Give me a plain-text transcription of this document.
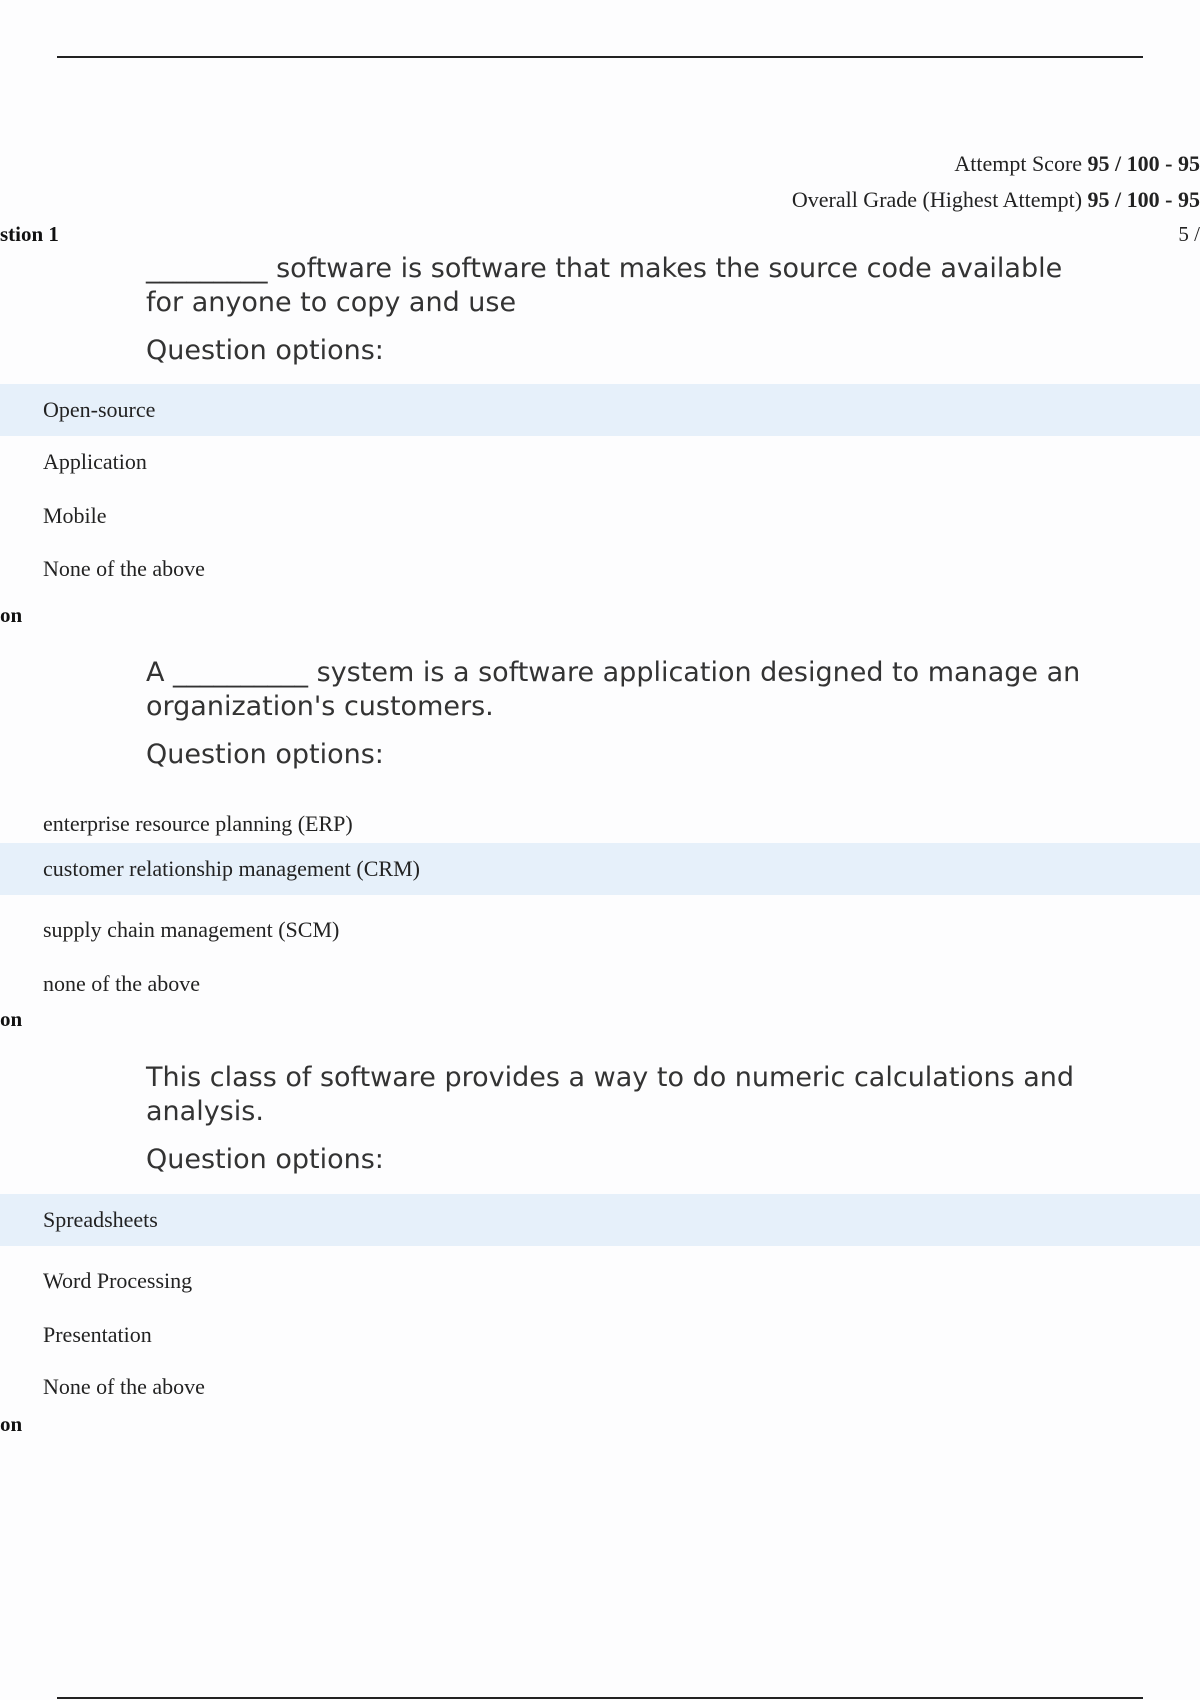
Attempt Score 95 / 100 - 95
Overall Grade (Highest Attempt) 95 / 100 - 95
stion 1	5 /
_________ software is software that makes the source code available for anyone to copy and use
Question options:
Open-source
Application
Mobile
None of the above
on
A __________ system is a software application designed to manage an organization's customers.
Question options:
enterprise resource planning (ERP)
customer relationship management (CRM)
supply chain management (SCM)
none of the above
on
This class of software provides a way to do numeric calculations and analysis.
Question options:
Spreadsheets
Word Processing
Presentation
None of the above
on
